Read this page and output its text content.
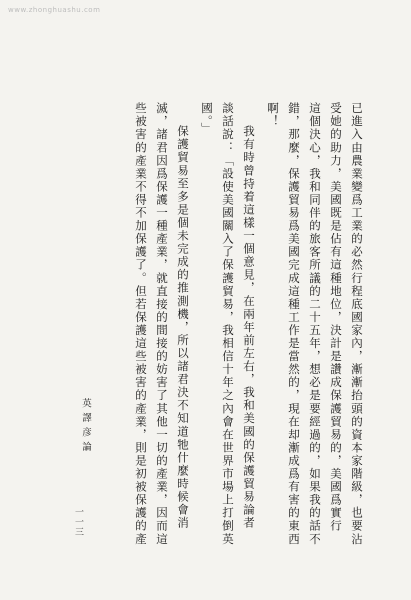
www.zhonghuashu.com
已進入由農業變爲工業的必然行程底國家內，漸漸抬頭的資本家階級，也要沾
受她的助力，美國既是佔有這種地位，決計是讚成保護貿易的，美國爲實行
這個決心，我和同伴的旅客所議的二十五年，想必是要經過的，如果我的話不
錯，那麼，保護貿易爲美國完成這種工作是當然的，現在却漸成爲有害的東西
啊！
我有時曾持着這樣一個意見，在兩年前左右，我和美國的保護貿易論者
談話說：「設使美國關入了保護貿易，我相信十年之內會在世界市場上打倒英
國。」
保護貿易至多是個未完成的推測機，所以諸君決不知道牠什麼時候會消
滅，諸君因爲保護一種產業，就直接的間接的妨害了其他一切的產業，因而這
些被害的產業不得不加保護了。但若保護這些被害的產業，則是初被保護的產
英譯彦論
一一三
